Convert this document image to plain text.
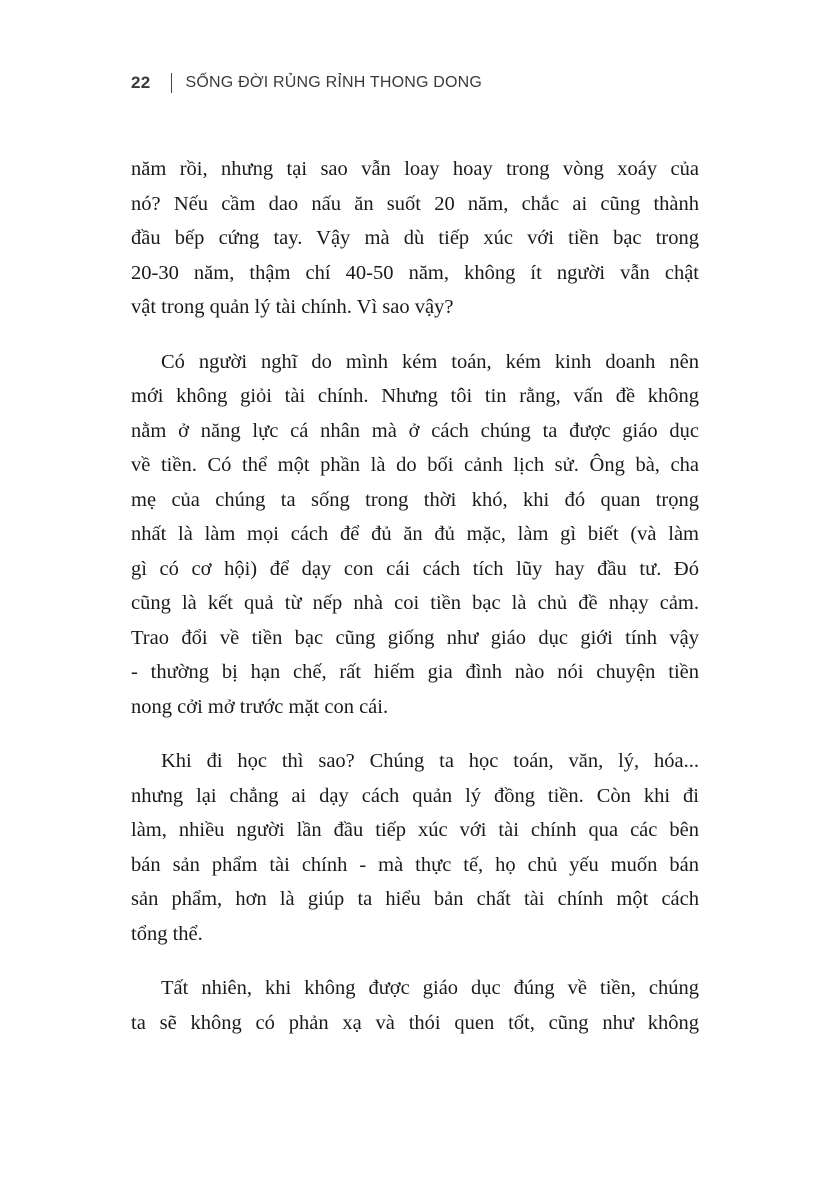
22 SỐNG ĐỜI RỦNG RỈNH THONG DONG
năm rồi, nhưng tại sao vẫn loay hoay trong vòng xoáy của
nó? Nếu cầm dao nấu ăn suốt 20 năm, chắc ai cũng thành
đầu bếp cứng tay. Vậy mà dù tiếp xúc với tiền bạc trong
20-30 năm, thậm chí 40-50 năm, không ít người vẫn chật
vật trong quản lý tài chính. Vì sao vậy?
Có người nghĩ do mình kém toán, kém kinh doanh nên
mới không giỏi tài chính. Nhưng tôi tin rằng, vấn đề không
nằm ở năng lực cá nhân mà ở cách chúng ta được giáo dục
về tiền. Có thể một phần là do bối cảnh lịch sử. Ông bà, cha
mẹ của chúng ta sống trong thời khó, khi đó quan trọng
nhất là làm mọi cách để đủ ăn đủ mặc, làm gì biết (và làm
gì có cơ hội) để dạy con cái cách tích lũy hay đầu tư. Đó
cũng là kết quả từ nếp nhà coi tiền bạc là chủ đề nhạy cảm.
Trao đổi về tiền bạc cũng giống như giáo dục giới tính vậy
- thường bị hạn chế, rất hiếm gia đình nào nói chuyện tiền
nong cởi mở trước mặt con cái.
Khi đi học thì sao? Chúng ta học toán, văn, lý, hóa...
nhưng lại chẳng ai dạy cách quản lý đồng tiền. Còn khi đi
làm, nhiều người lần đầu tiếp xúc với tài chính qua các bên
bán sản phẩm tài chính - mà thực tế, họ chủ yếu muốn bán
sản phẩm, hơn là giúp ta hiểu bản chất tài chính một cách
tổng thể.
Tất nhiên, khi không được giáo dục đúng về tiền, chúng
ta sẽ không có phản xạ và thói quen tốt, cũng như không
